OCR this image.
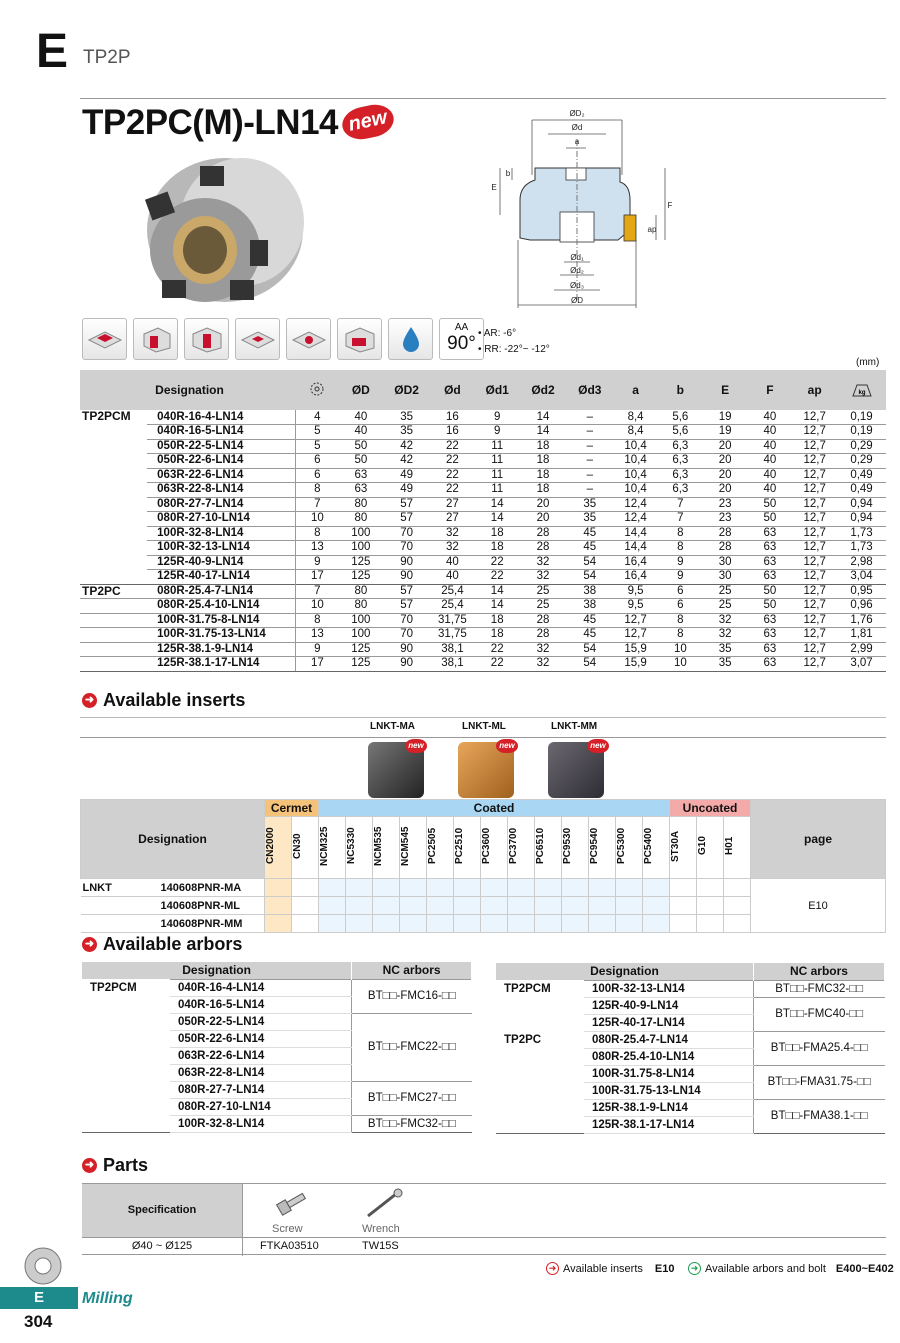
E TP2P
TP2PC(M)-LN14 new	ØD₂
Ød
a
b
E
F
ap
Ød₁
Ød₂
Ød₃
ØD
AA
90° • AR: -6°
• RR: -22°~ -12°
(mm)
	Designation		ØD	ØD2	Ød	Ød1	Ød2	Ød3	a	b	E	F	ap	kg

TP2PCM	040R-16-4-LN14	4	40	35	16	9	14	–	8,4	5,6	19	40	12,7	0,19
	040R-16-5-LN14	5	40	35	16	9	14	–	8,4	5,6	19	40	12,7	0,19
	050R-22-5-LN14	5	50	42	22	11	18	–	10,4	6,3	20	40	12,7	0,29
	050R-22-6-LN14	6	50	42	22	11	18	–	10,4	6,3	20	40	12,7	0,29
	063R-22-6-LN14	6	63	49	22	11	18	–	10,4	6,3	20	40	12,7	0,49
	063R-22-8-LN14	8	63	49	22	11	18	–	10,4	6,3	20	40	12,7	0,49
	080R-27-7-LN14	7	80	57	27	14	20	35	12,4	7	23	50	12,7	0,94
	080R-27-10-LN14	10	80	57	27	14	20	35	12,4	7	23	50	12,7	0,94
	100R-32-8-LN14	8	100	70	32	18	28	45	14,4	8	28	63	12,7	1,73
	100R-32-13-LN14	13	100	70	32	18	28	45	14,4	8	28	63	12,7	1,73
	125R-40-9-LN14	9	125	90	40	22	32	54	16,4	9	30	63	12,7	2,98
	125R-40-17-LN14	17	125	90	40	22	32	54	16,4	9	30	63	12,7	3,04
TP2PC	080R-25.4-7-LN14	7	80	57	25,4	14	25	38	9,5	6	25	50	12,7	0,95
	080R-25.4-10-LN14	10	80	57	25,4	14	25	38	9,5	6	25	50	12,7	0,96
	100R-31.75-8-LN14	8	100	70	31,75	18	28	45	12,7	8	32	63	12,7	1,76
	100R-31.75-13-LN14	13	100	70	31,75	18	28	45	12,7	8	32	63	12,7	1,81
	125R-38.1-9-LN14	9	125	90	38,1	22	32	54	15,9	10	35	63	12,7	2,99
	125R-38.1-17-LN14	17	125	90	38,1	22	32	54	15,9	10	35	63	12,7	3,07
➜ Available inserts
LNKT-MA	LNKT-ML	LNKT-MM
new	new	new
Designation	Cermet		Coated													Uncoated			page
	CN2000	CN30	NCM325	NC5330	NCM535	NCM545	PC2505	PC2510	PC3600	PC3700	PC6510	PC9530	PC9540	PC5300	PC5400	ST30A	G10	H01	

LNKT 140608PNR-MA																			E10
140608PNR-ML																			
140608PNR-MM																			
➜ Available arbors
Designation		NC arbors
TP2PCM	040R-16-4-LN14	BT□□-FMC16-□□
	040R-16-5-LN14	
	050R-22-5-LN14	BT□□-FMC22-□□
	050R-22-6-LN14	
	063R-22-6-LN14	
	063R-22-8-LN14	
	080R-27-7-LN14	BT□□-FMC27-□□
	080R-27-10-LN14	
	100R-32-8-LN14	BT□□-FMC32-□□
Designation		NC arbors
TP2PCM	100R-32-13-LN14	BT□□-FMC32-□□
	125R-40-9-LN14	BT□□-FMC40-□□
	125R-40-17-LN14	
TP2PC	080R-25.4-7-LN14	BT□□-FMA25.4-□□
	080R-25.4-10-LN14	
	100R-31.75-8-LN14	BT□□-FMA31.75-□□
	100R-31.75-13-LN14	
	125R-38.1-9-LN14	BT□□-FMA38.1-□□
	125R-38.1-17-LN14	
➜ Parts
Specification
Screw	Wrench
Ø40 ~ Ø125	FTKA03510	TW15S
➜ Available inserts E10	➜ Available arbors and bolt E400~E402
E	Milling
304
